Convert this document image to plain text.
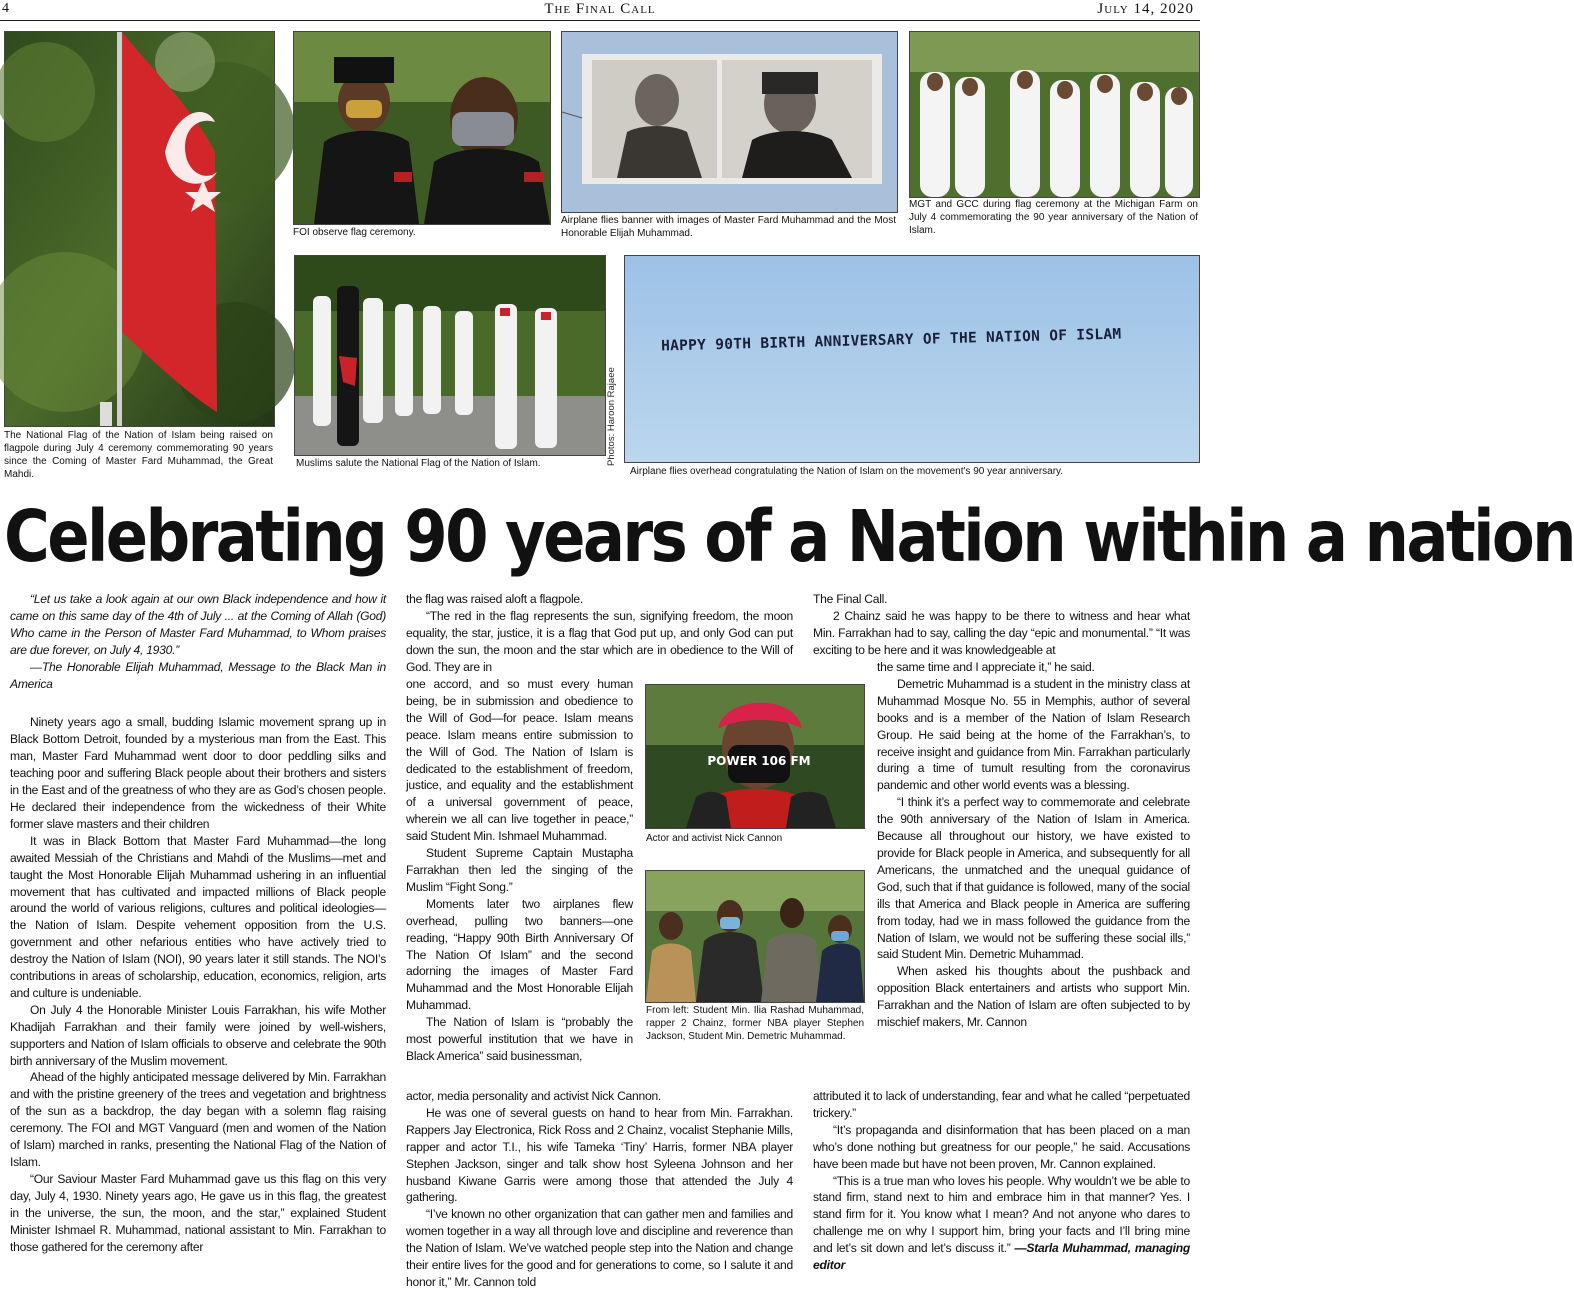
4	The Final Call	July 14, 2020
The National Flag of the Nation of Islam being raised on flagpole during July 4 ceremony commemorating 90 years since the Coming of Master Fard Muhammad, the Great Mahdi.
FOI observe flag ceremony.
Airplane flies banner with images of Master Fard Muhammad and the Most Honorable Elijah Muhammad.
MGT and GCC during flag ceremony at the Michigan Farm on July 4 commemorating the 90 year anniversary of the Nation of Islam.
Muslims salute the National Flag of the Nation of Islam.	Photos: Haroon Rajaee
HAPPY 90TH BIRTH ANNIVERSARY OF THE NATION OF ISLAM
Airplane flies overhead congratulating the Nation of Islam on the movement's 90 year anniversary.
Celebrating 90 years of a Nation within a nation

“Let us take a look again at our own Black independence and how it came on this same day of the 4th of July ... at the Coming of Allah (God) Who came in the Person of Master Fard Muhammad, to Whom praises are due forever, on July 4, 1930.”

—The Honorable Elijah Muhammad, Message to the Black Man in America

Ninety years ago a small, budding Islamic movement sprang up in Black Bottom Detroit, founded by a mysterious man from the East. This man, Master Fard Muhammad went door to door peddling silks and teaching poor and suffering Black people about their brothers and sisters in the East and of the greatness of who they are as God’s chosen people. He declared their independence from the wickedness of their White former slave masters and their children

It was in Black Bottom that Master Fard Muhammad—the long awaited Messiah of the Christians and Mahdi of the Muslims—met and taught the Most Honorable Elijah Muhammad ushering in an influential movement that has cultivated and impacted millions of Black people around the world of various religions, cultures and political ideologies—the Nation of Islam. Despite vehement opposition from the U.S. government and other nefarious entities who have actively tried to destroy the Nation of Islam (NOI), 90 years later it still stands. The NOI’s contributions in areas of scholarship, education, economics, religion, arts and culture is undeniable.

On July 4 the Honorable Minister Louis Farrakhan, his wife Mother Khadijah Farrakhan and their family were joined by well-wishers, supporters and Nation of Islam officials to observe and celebrate the 90th birth anniversary of the Muslim movement.

Ahead of the highly anticipated message delivered by Min. Farrakhan and with the pristine greenery of the trees and vegetation and brightness of the sun as a backdrop, the day began with a solemn flag raising ceremony. The FOI and MGT Vanguard (men and women of the Nation of Islam) marched in ranks, presenting the National Flag of the Nation of Islam.

“Our Saviour Master Fard Muhammad gave us this flag on this very day, July 4, 1930. Ninety years ago, He gave us in this flag, the greatest in the universe, the sun, the moon, and the star,” explained Student Minister Ishmael R. Muhammad, national assistant to Min. Farrakhan to those gathered for the ceremony after

the flag was raised aloft a flagpole.

“The red in the flag represents the sun, signifying freedom, the moon equality, the star, justice, it is a flag that God put up, and only God can put down the sun, the moon and the star which are in obedience to the Will of God. They are in

one accord, and so must every human being, be in submission and obedience to the Will of God—for peace. Islam means peace. Islam means entire submission to the Will of God. The Nation of Islam is dedicated to the establishment of freedom, justice, and equality and the establishment of a universal government of peace, wherein we all can live together in peace,” said Student Min. Ishmael Muhammad.

Student Supreme Captain Mustapha Farrakhan then led the singing of the Muslim “Fight Song.”

Moments later two airplanes flew overhead, pulling two banners—one reading, “Happy 90th Birth Anniversary Of The Nation Of Islam” and the second adorning the images of Master Fard Muhammad and the Most Honorable Elijah Muhammad.

The Nation of Islam is “probably the most powerful institution that we have in Black America” said businessman,

actor, media personality and activist Nick Cannon.

He was one of several guests on hand to hear from Min. Farrakhan. Rappers Jay Electronica, Rick Ross and 2 Chainz, vocalist Stephanie Mills, rapper and actor T.I., his wife Tameka ‘Tiny’ Harris, former NBA player Stephen Jackson, singer and talk show host Syleena Johnson and her husband Kiwane Garris were among those that attended the July 4 gathering.

“I’ve known no other organization that can gather men and families and women together in a way all through love and discipline and reverence than the Nation of Islam. We’ve watched people step into the Nation and change their entire lives for the good and for generations to come, so I salute it and honor it,” Mr. Cannon told

POWER 106 FM
Actor and activist Nick Cannon
From left: Student Min. Ilia Rashad Muhammad, rapper 2 Chainz, former NBA player Stephen Jackson, Student Min. Demetric Muhammad.

The Final Call.

2 Chainz said he was happy to be there to witness and hear what Min. Farrakhan had to say, calling the day “epic and monumental.” “It was exciting to be here and it was knowledgeable at

the same time and I appreciate it,” he said.

Demetric Muhammad is a student in the ministry class at Muhammad Mosque No. 55 in Memphis, author of several books and is a member of the Nation of Islam Research Group. He said being at the home of the Farrakhan’s, to receive insight and guidance from Min. Farrakhan particularly during a time of tumult resulting from the coronavirus pandemic and other world events was a blessing.

“I think it’s a perfect way to commemorate and celebrate the 90th anniversary of the Nation of Islam in America. Because all throughout our history, we have existed to provide for Black people in America, and subsequently for all Americans, the unmatched and the unequal guidance of God, such that if that guidance is followed, many of the social ills that America and Black people in America are suffering from today, had we in mass followed the guidance from the Nation of Islam, we would not be suffering these social ills,” said Student Min. Demetric Muhammad.

When asked his thoughts about the pushback and opposition Black entertainers and artists who support Min. Farrakhan and the Nation of Islam are often subjected to by mischief makers, Mr. Cannon

attributed it to lack of understanding, fear and what he called “perpetuated trickery.”

“It’s propaganda and disinformation that has been placed on a man who’s done nothing but greatness for our people,” he said. Accusations have been made but have not been proven, Mr. Cannon explained.

“This is a true man who loves his people. Why wouldn’t we be able to stand firm, stand next to him and embrace him in that manner? Yes. I stand firm for it. You know what I mean? And not anyone who dares to challenge me on why I support him, bring your facts and I’ll bring mine and let’s sit down and let’s discuss it.” —Starla Muhammad, managing editor
